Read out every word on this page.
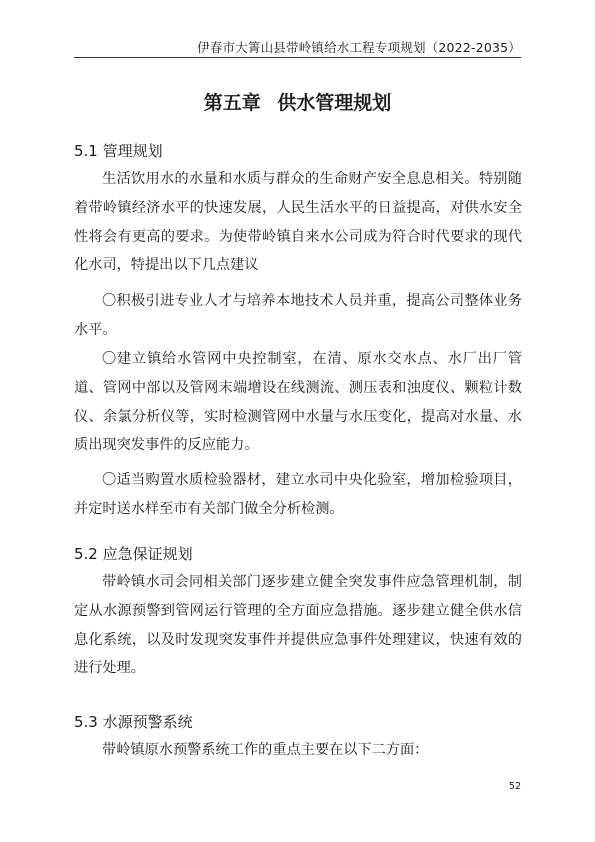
伊春市大箐山县带岭镇给水工程专项规划（2022-2035）
第五章 供水管理规划
5.1 管理规划
生活饮用水的水量和水质与群众的生命财产安全息息相关。特别随着带岭镇经济水平的快速发展，人民生活水平的日益提高，对供水安全性将会有更高的要求。为使带岭镇自来水公司成为符合时代要求的现代化水司，特提出以下几点建议
〇积极引进专业人才与培养本地技术人员并重，提高公司整体业务水平。
〇建立镇给水管网中央控制室，在清、原水交水点、水厂出厂管道、管网中部以及管网末端增设在线测流、测压表和浊度仪、颗粒计数仪、余氯分析仪等，实时检测管网中水量与水压变化，提高对水量、水质出现突发事件的反应能力。
〇适当购置水质检验器材，建立水司中央化验室，增加检验项目，并定时送水样至市有关部门做全分析检测。
5.2 应急保证规划
带岭镇水司会同相关部门逐步建立健全突发事件应急管理机制，制定从水源预警到管网运行管理的全方面应急措施。逐步建立健全供水信息化系统，以及时发现突发事件并提供应急事件处理建议，快速有效的进行处理。
5.3 水源预警系统
带岭镇原水预警系统工作的重点主要在以下二方面：
52
